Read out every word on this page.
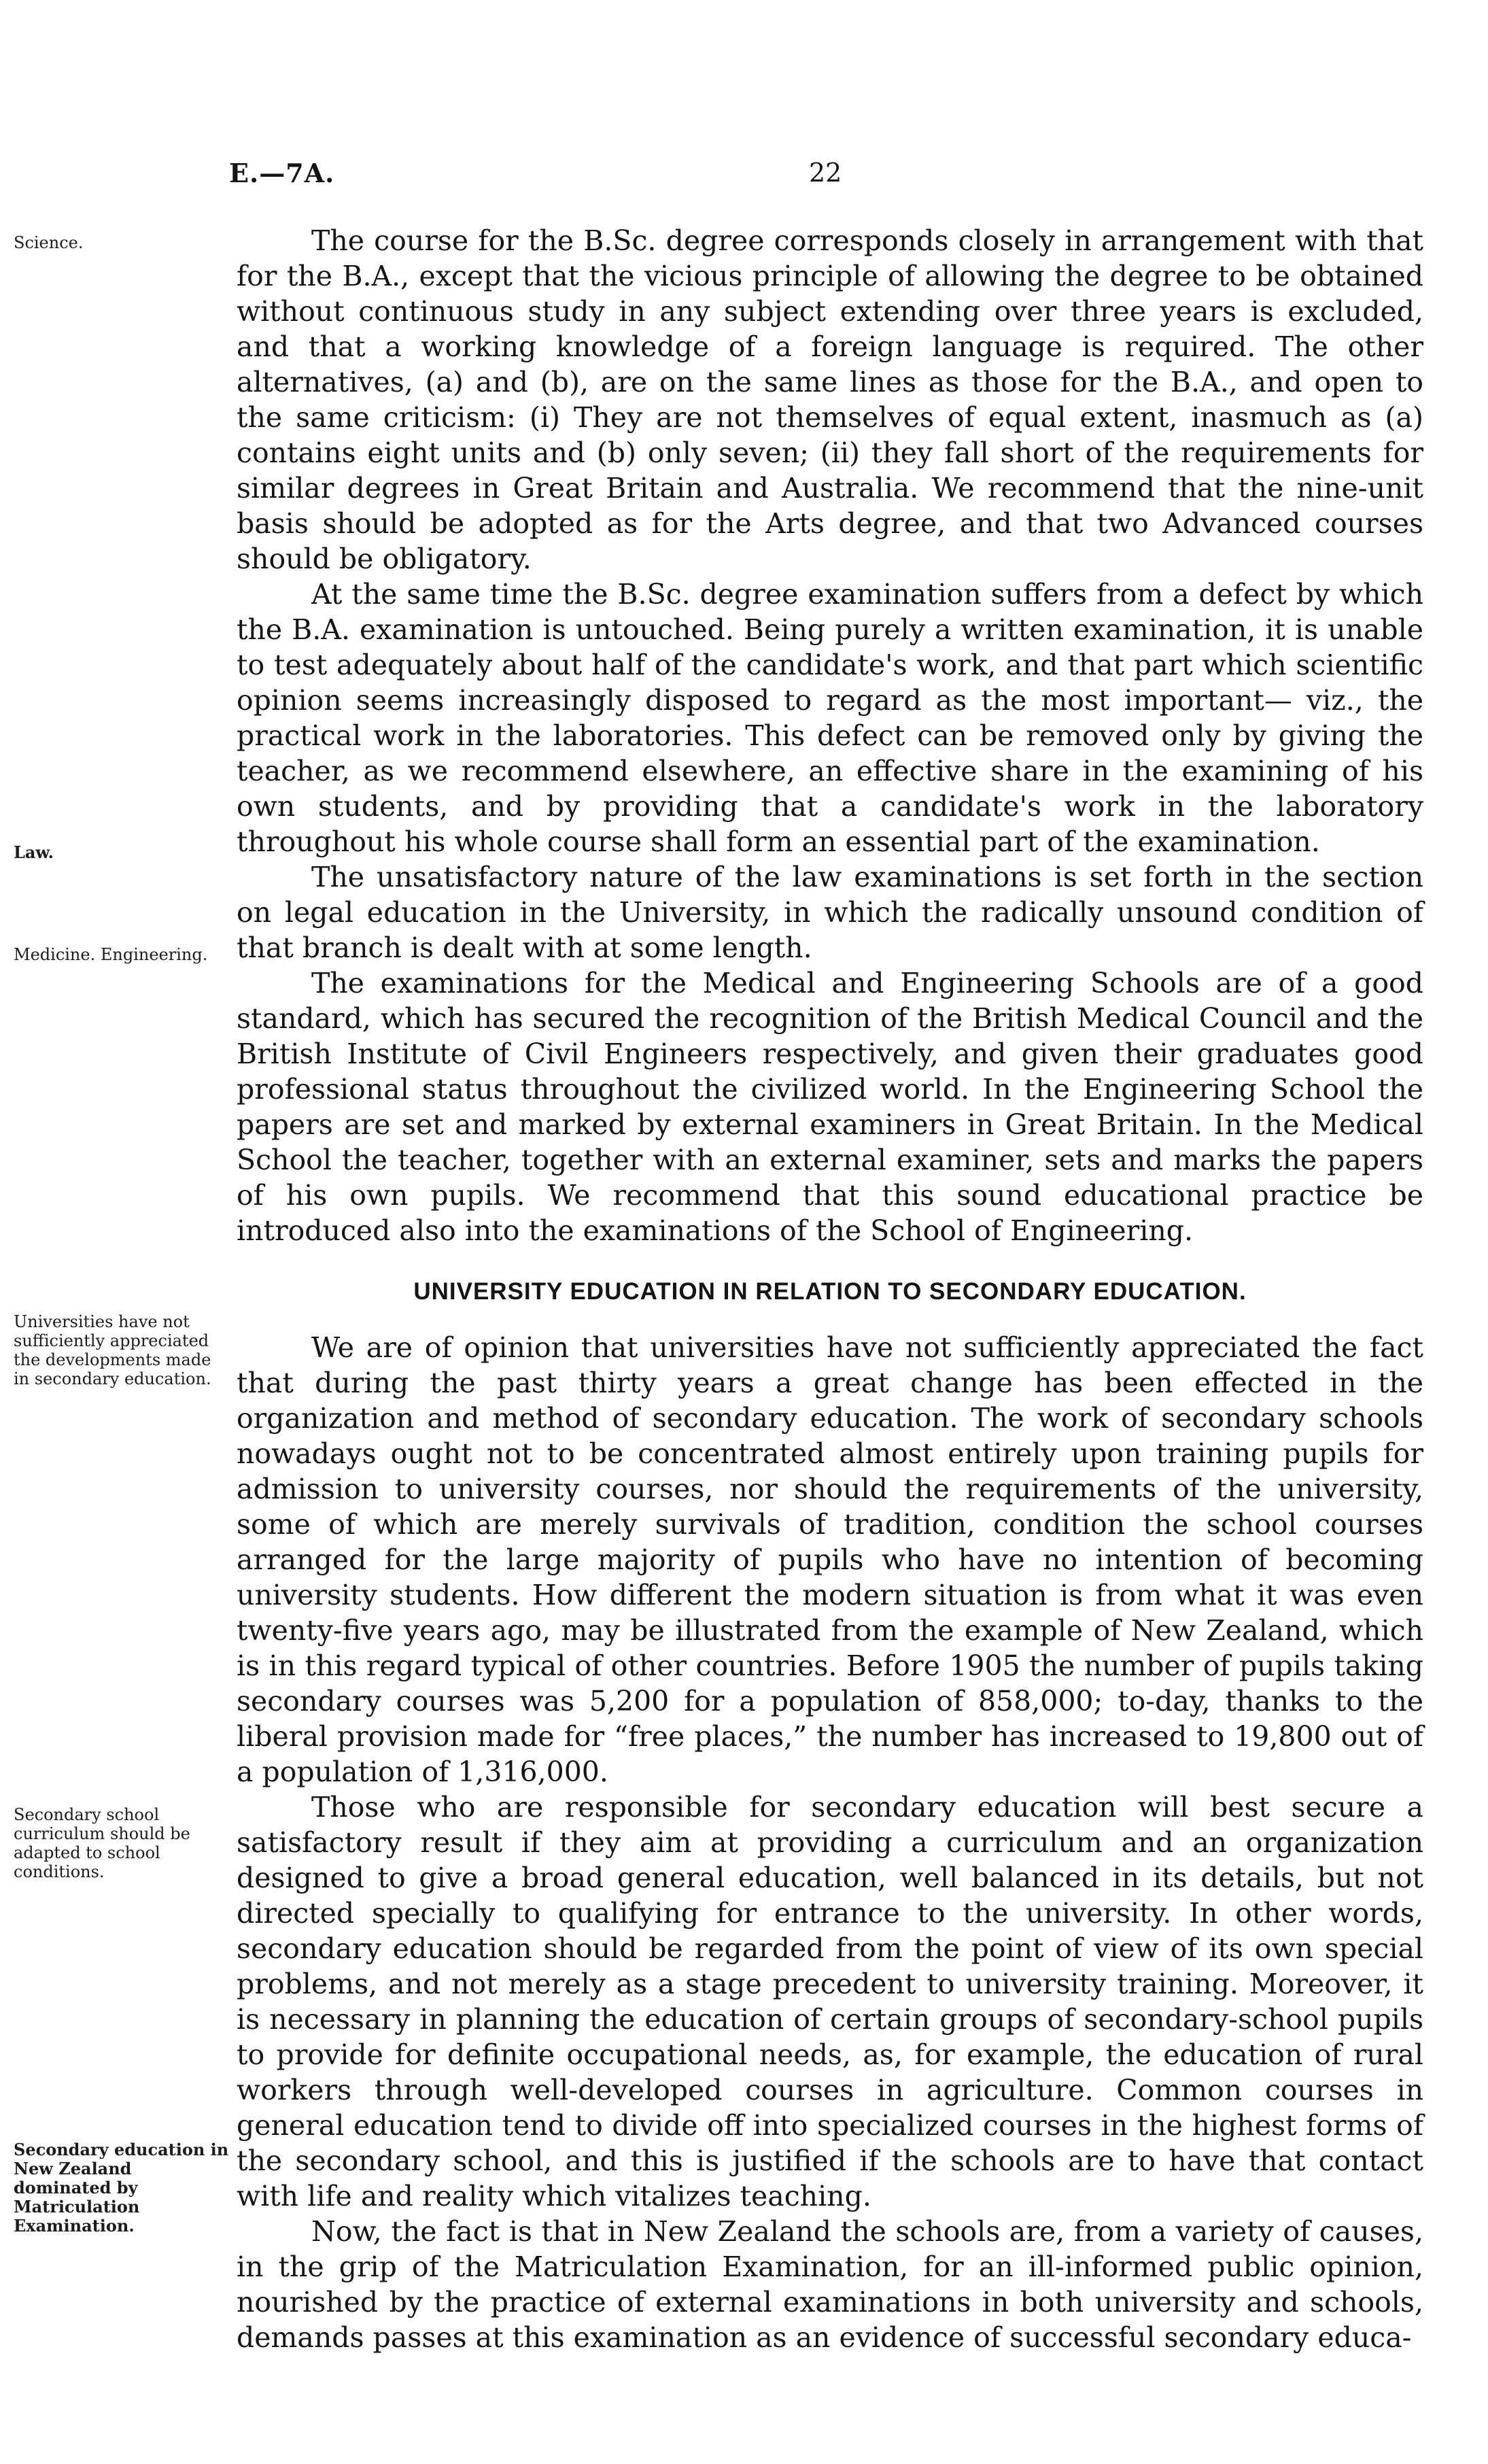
E.—7A.	22
Science.
Law.
Medicine. Engineering.
Universities have not sufficiently appreciated the developments made in secondary education.
Secondary school curriculum should be adapted to school conditions.
Secondary education in New Zealand dominated by Matriculation Examination.

The course for the B.Sc. degree corresponds closely in arrangement with that for the B.A., except that the vicious principle of allowing the degree to be obtained without continuous study in any subject extending over three years is excluded, and that a working knowledge of a foreign language is required. The other alternatives, (a) and (b), are on the same lines as those for the B.A., and open to the same criticism: (i) They are not themselves of equal extent, inasmuch as (a) contains eight units and (b) only seven; (ii) they fall short of the requirements for similar degrees in Great Britain and Australia. We recommend that the nine-unit basis should be adopted as for the Arts degree, and that two Advanced courses should be obligatory.

At the same time the B.Sc. degree examination suffers from a defect by which the B.A. examination is untouched. Being purely a written examination, it is unable to test adequately about half of the candidate's work, and that part which scientific opinion seems increasingly disposed to regard as the most important— viz., the practical work in the laboratories. This defect can be removed only by giving the teacher, as we recommend elsewhere, an effective share in the examining of his own students, and by providing that a candidate's work in the laboratory throughout his whole course shall form an essential part of the examination.

The unsatisfactory nature of the law examinations is set forth in the section on legal education in the University, in which the radically unsound condition of that branch is dealt with at some length.

The examinations for the Medical and Engineering Schools are of a good standard, which has secured the recognition of the British Medical Council and the British Institute of Civil Engineers respectively, and given their graduates good professional status throughout the civilized world. In the Engineering School the papers are set and marked by external examiners in Great Britain. In the Medical School the teacher, together with an external examiner, sets and marks the papers of his own pupils. We recommend that this sound educational practice be introduced also into the examinations of the School of Engineering.

UNIVERSITY EDUCATION IN RELATION TO SECONDARY EDUCATION.

We are of opinion that universities have not sufficiently appreciated the fact that during the past thirty years a great change has been effected in the organization and method of secondary education. The work of secondary schools nowadays ought not to be concentrated almost entirely upon training pupils for admission to university courses, nor should the requirements of the university, some of which are merely survivals of tradition, condition the school courses arranged for the large majority of pupils who have no intention of becoming university students. How different the modern situation is from what it was even twenty-five years ago, may be illustrated from the example of New Zealand, which is in this regard typical of other countries. Before 1905 the number of pupils taking secondary courses was 5,200 for a population of 858,000; to-day, thanks to the liberal provision made for “free places,” the number has increased to 19,800 out of a population of 1,316,000.

Those who are responsible for secondary education will best secure a satisfactory result if they aim at providing a curriculum and an organization designed to give a broad general education, well balanced in its details, but not directed specially to qualifying for entrance to the university. In other words, secondary education should be regarded from the point of view of its own special problems, and not merely as a stage precedent to university training. Moreover, it is necessary in planning the education of certain groups of secondary-school pupils to provide for definite occupational needs, as, for example, the education of rural workers through well-developed courses in agriculture. Common courses in general education tend to divide off into specialized courses in the highest forms of the secondary school, and this is justified if the schools are to have that contact with life and reality which vitalizes teaching.

Now, the fact is that in New Zealand the schools are, from a variety of causes, in the grip of the Matriculation Examination, for an ill-informed public opinion, nourished by the practice of external examinations in both university and schools, demands passes at this examination as an evidence of successful secondary educa-
